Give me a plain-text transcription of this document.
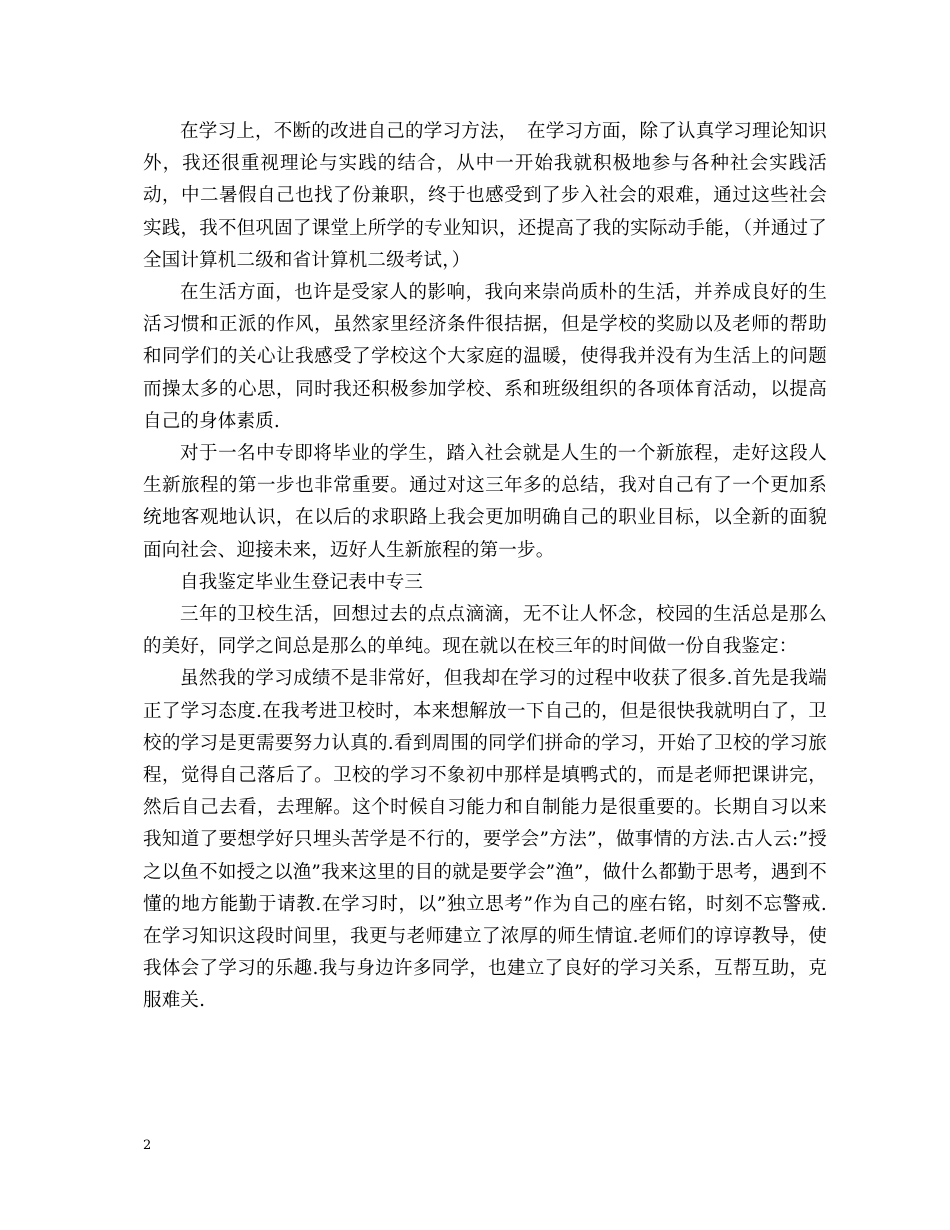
在学习上，不断的改进自己的学习方法，　在学习方面，除了认真学习理论知识外，我还很重视理论与实践的结合，从中一开始我就积极地参与各种社会实践活动，中二暑假自己也找了份兼职，终于也感受到了步入社会的艰难，通过这些社会实践，我不但巩固了课堂上所学的专业知识，还提高了我的实际动手能，（并通过了全国计算机二级和省计算机二级考试，）

在生活方面，也许是受家人的影响，我向来崇尚质朴的生活，并养成良好的生活习惯和正派的作风，虽然家里经济条件很拮据，但是学校的奖励以及老师的帮助和同学们的关心让我感受了学校这个大家庭的温暖，使得我并没有为生活上的问题而操太多的心思，同时我还积极参加学校、系和班级组织的各项体育活动，以提高自己的身体素质.

对于一名中专即将毕业的学生，踏入社会就是人生的一个新旅程，走好这段人生新旅程的第一步也非常重要。通过对这三年多的总结，我对自己有了一个更加系统地客观地认识，在以后的求职路上我会更加明确自己的职业目标，以全新的面貌面向社会、迎接未来，迈好人生新旅程的第一步。

自我鉴定毕业生登记表中专三

三年的卫校生活，回想过去的点点滴滴，无不让人怀念，校园的生活总是那么的美好，同学之间总是那么的单纯。现在就以在校三年的时间做一份自我鉴定：

虽然我的学习成绩不是非常好，但我却在学习的过程中收获了很多.首先是我端正了学习态度.在我考进卫校时，本来想解放一下自己的，但是很快我就明白了，卫校的学习是更需要努力认真的.看到周围的同学们拼命的学习，开始了卫校的学习旅程，觉得自己落后了。卫校的学习不象初中那样是填鸭式的，而是老师把课讲完，然后自己去看，去理解。这个时候自习能力和自制能力是很重要的。长期自习以来我知道了要想学好只埋头苦学是不行的，要学会”方法”，做事情的方法.古人云:”授之以鱼不如授之以渔”我来这里的目的就是要学会”渔”，做什么都勤于思考，遇到不懂的地方能勤于请教.在学习时，以”独立思考”作为自己的座右铭，时刻不忘警戒.在学习知识这段时间里，我更与老师建立了浓厚的师生情谊.老师们的谆谆教导，使我体会了学习的乐趣.我与身边许多同学，也建立了良好的学习关系，互帮互助，克服难关.

2
